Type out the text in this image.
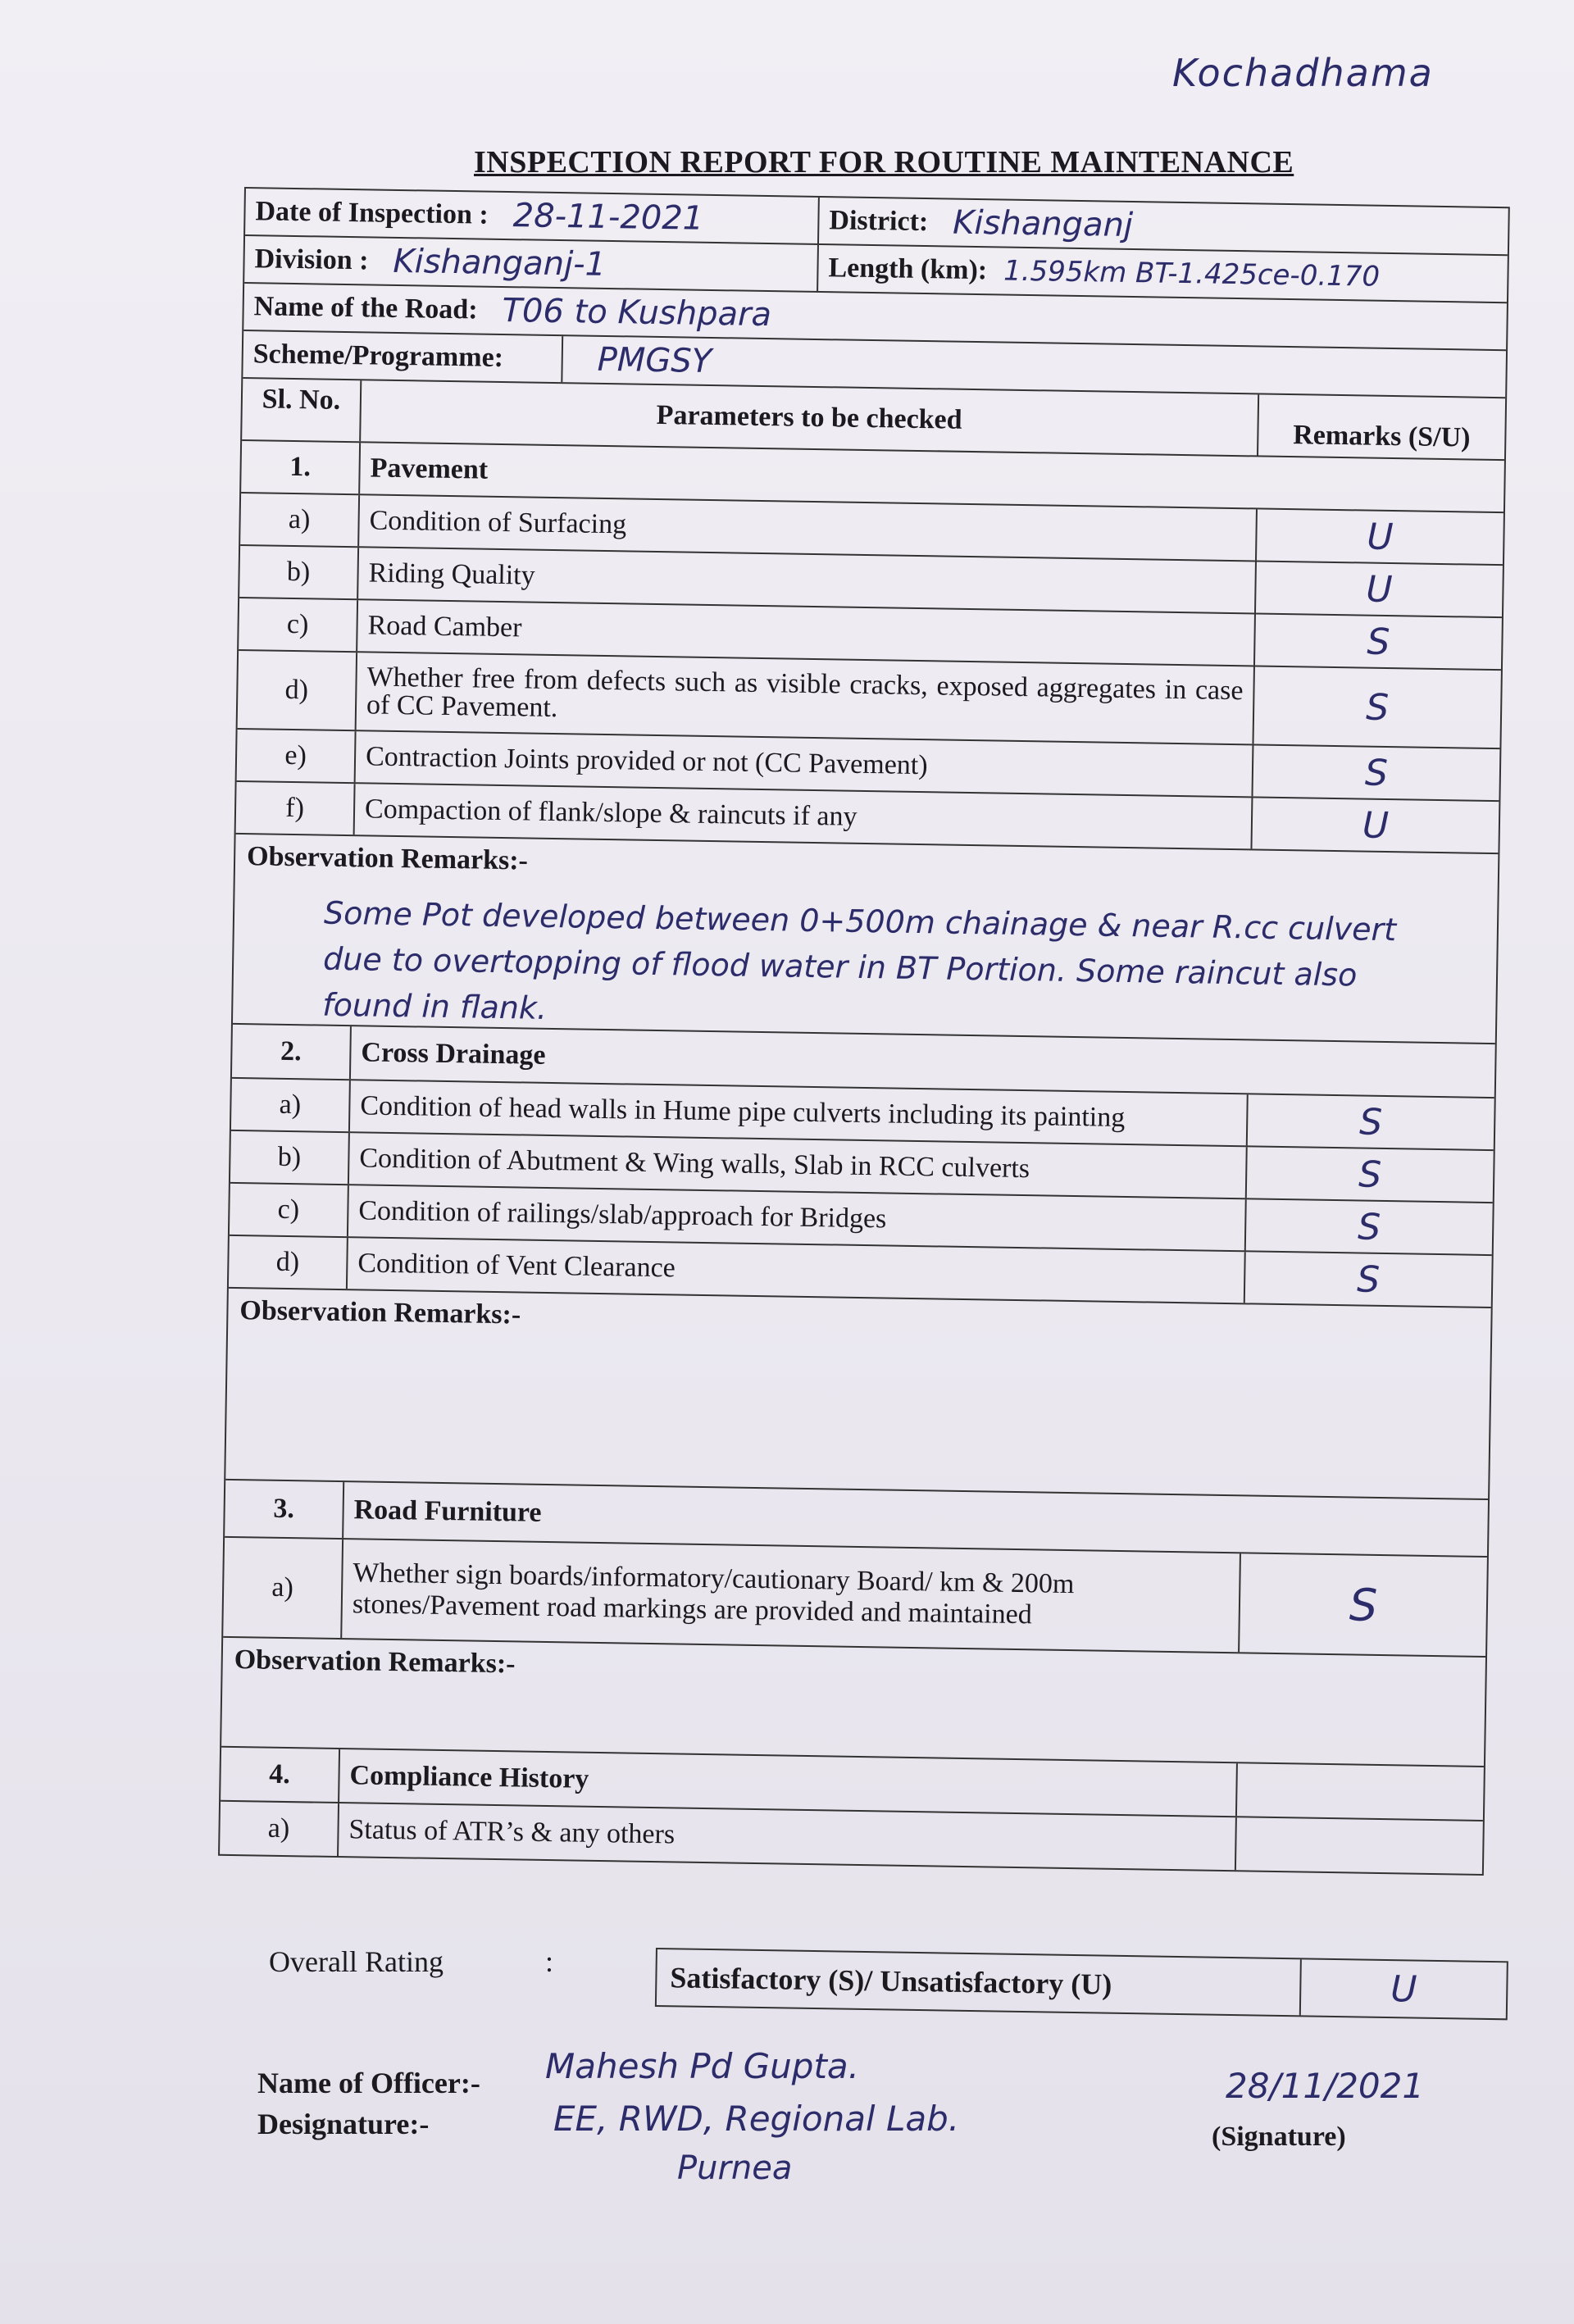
Kochadhama
INSPECTION REPORT FOR ROUTINE MAINTENANCE
Date of Inspection : 28-11-2021	District: Kishanganj
Division : Kishanganj-1	Length (km): 1.595km BT-1.425ce-0.170
Name of the Road: T06 to Kushpara
Scheme/Programme:	PMGSY
Sl. No.
Parameters to be checked
Remarks (S/U)
1.	Pavement
a)	Condition of Surfacing	U
b)	Riding Quality	U
c)	Road Camber	S
d)	Whether free from defects such as visible cracks, exposed aggregates in case of CC Pavement.	S
e)	Contraction Joints provided or not (CC Pavement)	S
f)	Compaction of flank/slope & raincuts if any	U
Observation Remarks:-
Some Pot developed between 0+500m chainage & near R.cc culvert due to overtopping of flood water in BT Portion. Some raincut also found in flank.
2.	Cross Drainage
a)	Condition of head walls in Hume pipe culverts including its painting	S
b)	Condition of Abutment & Wing walls, Slab in RCC culverts	S
c)	Condition of railings/slab/approach for Bridges	S
d)	Condition of Vent Clearance	S
Observation Remarks:-
3.	Road Furniture
a)	Whether sign boards/informatory/cautionary Board/ km & 200m stones/Pavement road markings are provided and maintained	S
Observation Remarks:-
4.	Compliance History
a)	Status of ATR’s & any others
Overall Rating	:	Satisfactory (S)/ Unsatisfactory (U)	U
Name of Officer:-
Designature:-
Mahesh Pd Gupta.
EE, RWD, Regional Lab.
Purnea
28/11/2021
(Signature)
